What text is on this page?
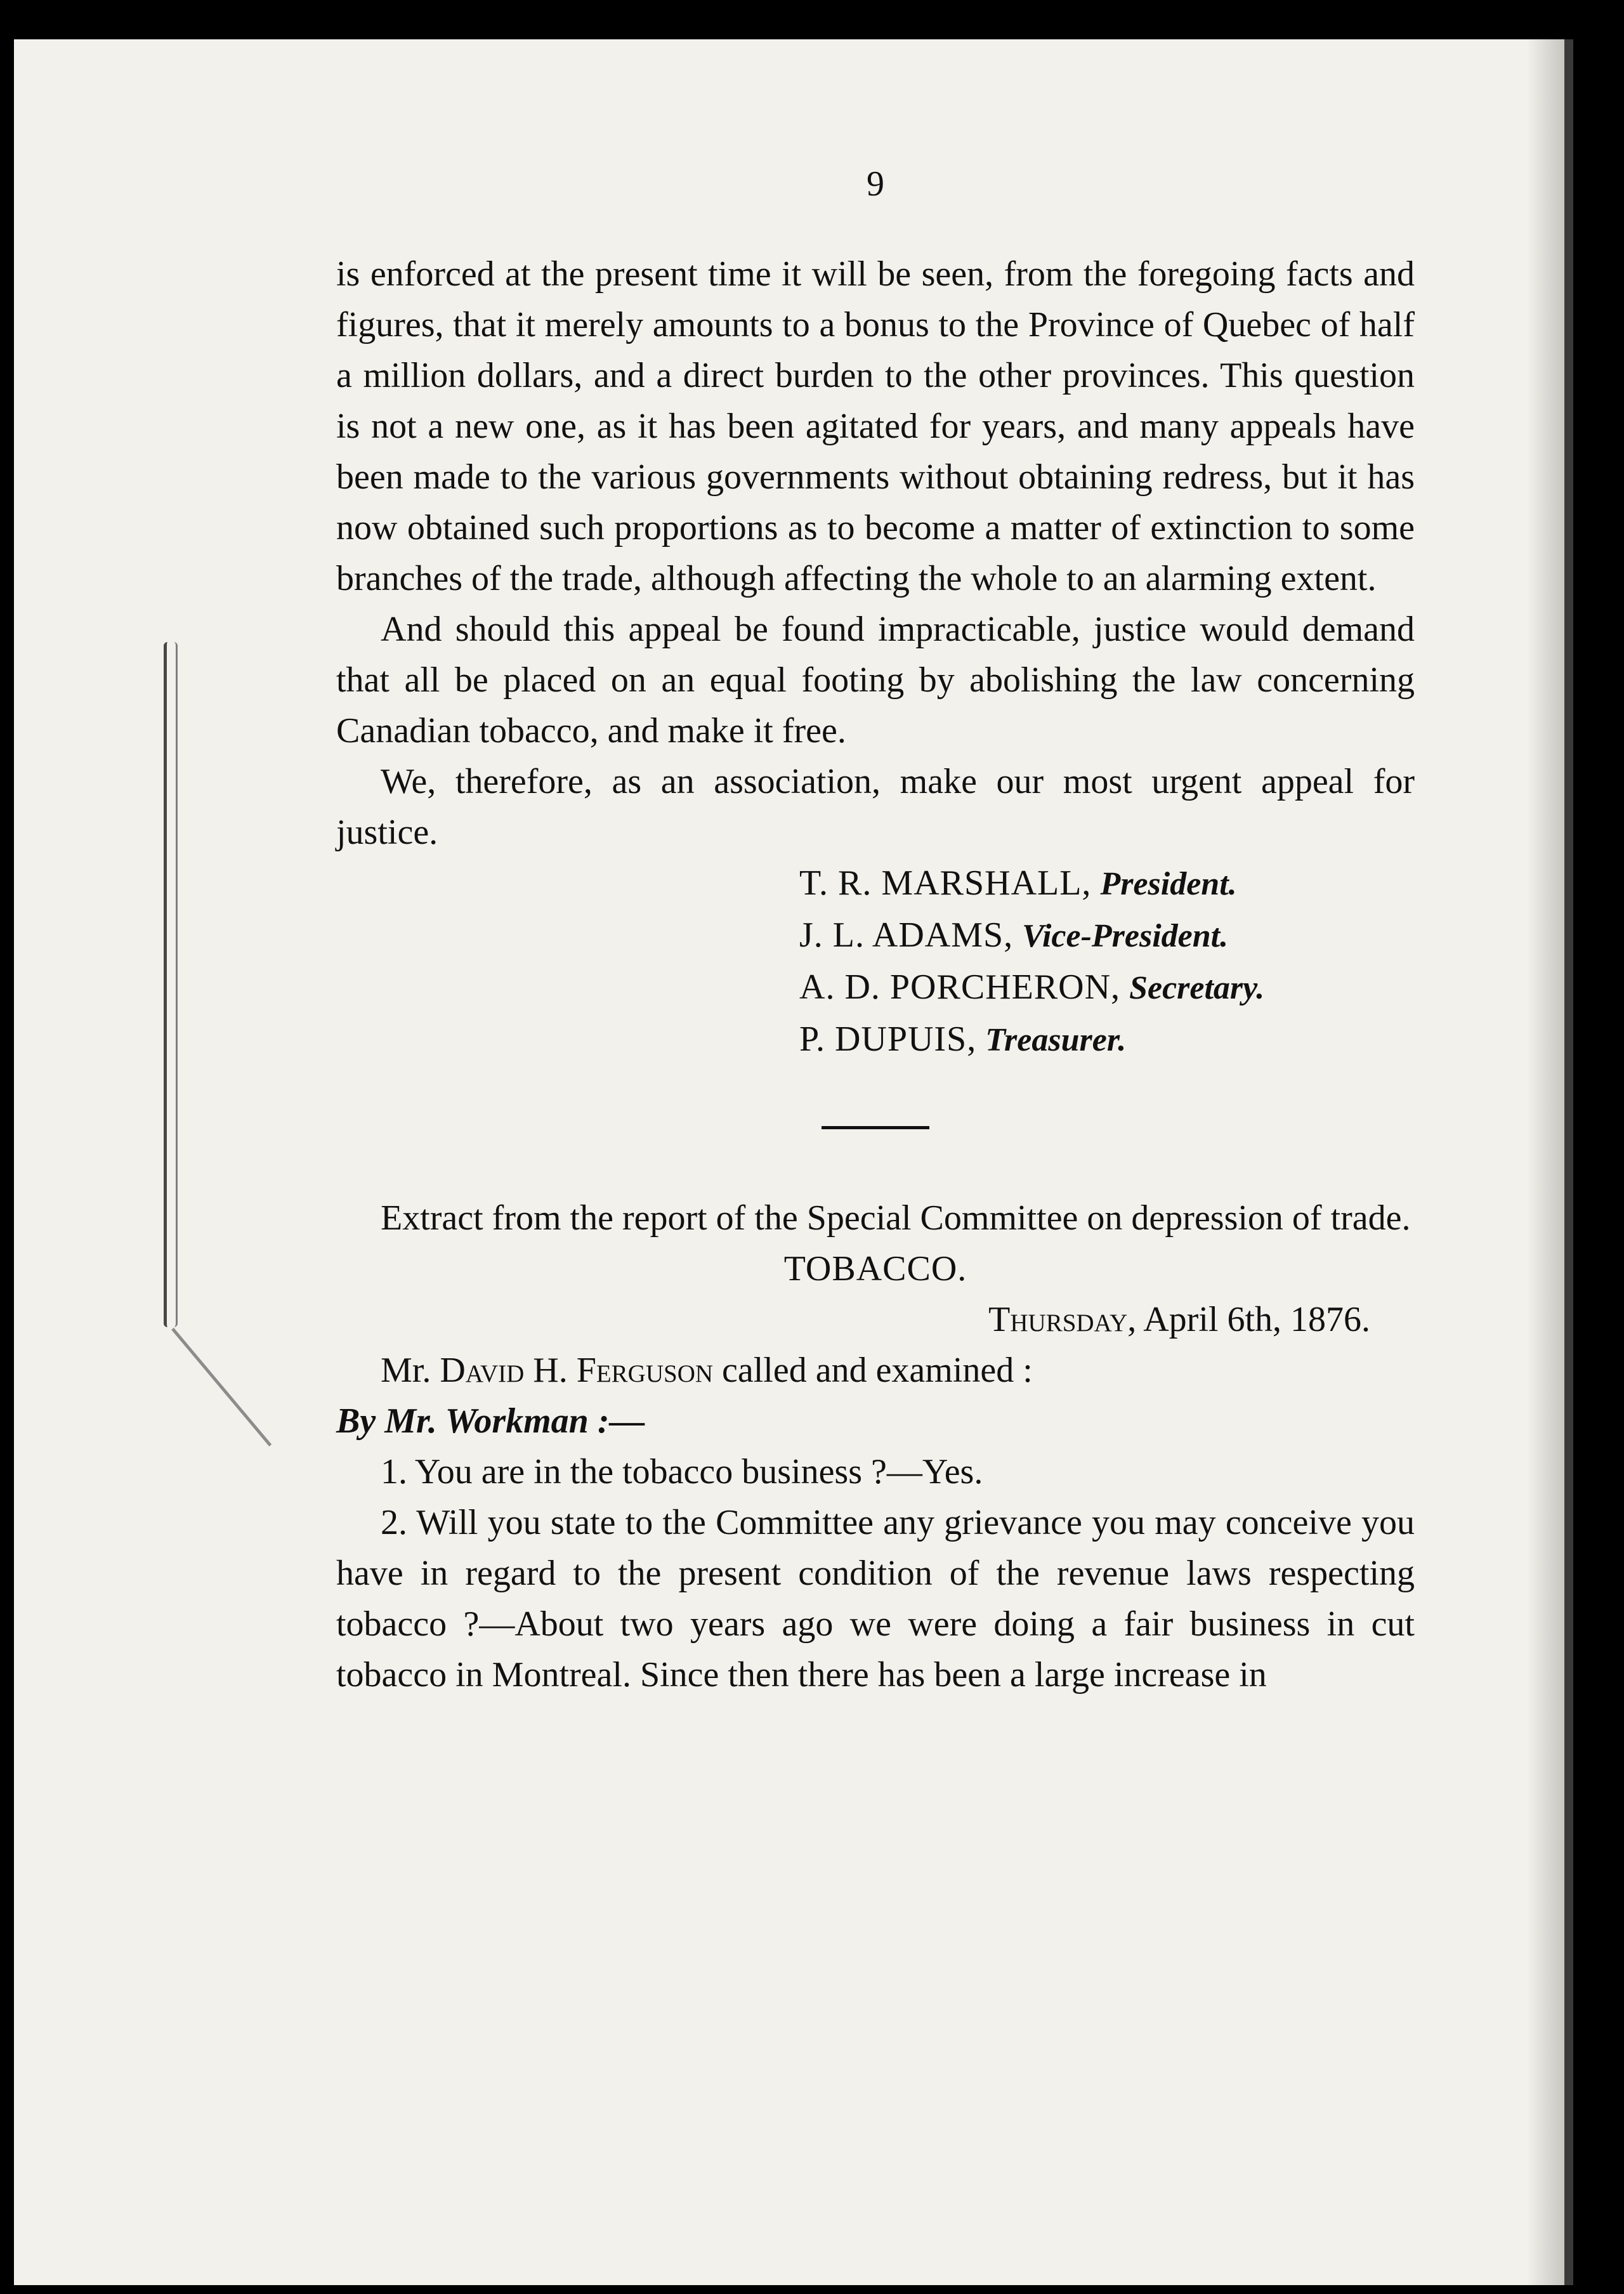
9

is enforced at the present time it will be seen, from the foregoing facts and figures, that it merely amounts to a bonus to the Province of Quebec of half a million dollars, and a direct burden to the other provinces. This question is not a new one, as it has been agitated for years, and many appeals have been made to the various governments without obtaining redress, but it has now obtained such proportions as to become a matter of extinction to some branches of the trade, although affecting the whole to an alarming extent.

And should this appeal be found impracticable, justice would demand that all be placed on an equal footing by abolishing the law concerning Canadian tobacco, and make it free.

We, therefore, as an association, make our most urgent appeal for justice.

T. R. MARSHALL, President.
J. L. ADAMS, Vice-President.
A. D. PORCHERON, Secretary.
P. DUPUIS, Treasurer.

Extract from the report of the Special Committee on depression of trade.

TOBACCO.

Thursday, April 6th, 1876.

Mr. David H. Ferguson called and examined :

By Mr. Workman :—

1. You are in the tobacco business ?—Yes.

2. Will you state to the Committee any grievance you may conceive you have in regard to the present condition of the revenue laws respecting tobacco ?—About two years ago we were doing a fair business in cut tobacco in Montreal. Since then there has been a large increase in
